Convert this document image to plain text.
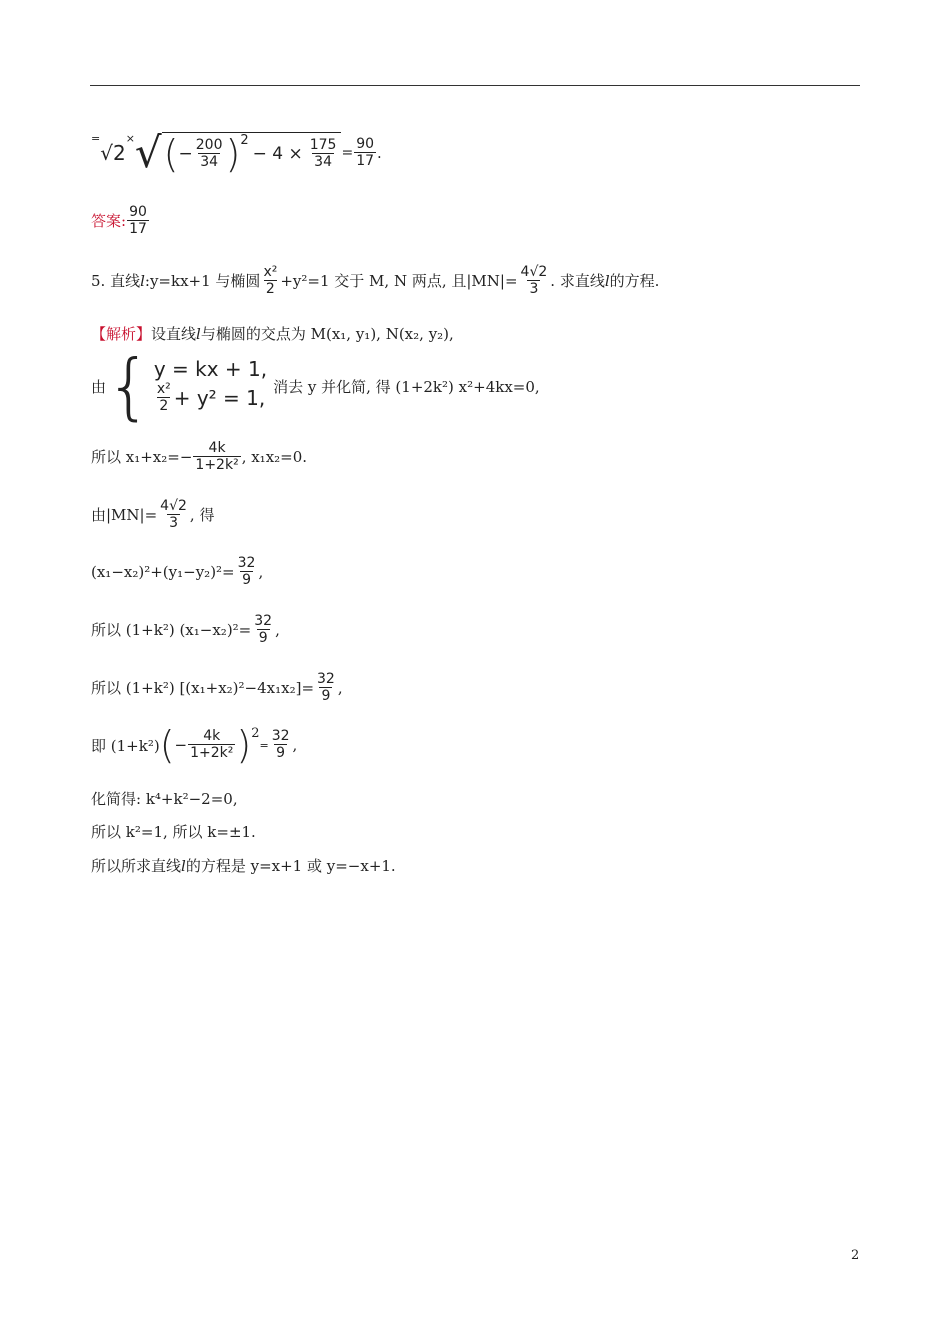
=
√2
× √ ( − $\frac{200}{34}$ ) 2
− $4 \times \frac{175}{34} = \frac{90}{17}$ .
答案: $\frac{90}{17}$
5. 直线 l :y=kx+1 与椭圆 $\frac{\text{x²}}{2} +y^2=1$ 交于 M, N 两点, 且$|MN|= \frac{4√2}{3}$ . 求直线 l 的方程.
【解析】 设直线 l 与椭圆的交点为 M(x₁, y₁), N(x₂, y₂),
由 { y = kx + 1,
$\frac{\text{x²}}{2} + y^2 = 1$, 消去 y 并化简, 得 (1+2k²) x²+4kx=0,
所以 $x_1+x_2=- \frac{4k}{\text{1+2k²}}$ , x₁x₂=0.
由$|MN|= \frac{4√2}{3}$ , 得
$(x_1-x_2)^2+(y_1-y_2)^2= \frac{32}{9}$ ,
所以 (1+k²) $(x_1-x_2)^2= \frac{32}{9}$ ,
所以 (1+k²) $[(x_1+x_2)^2-4x_1x_2]= \frac{32}{9}$ ,
即 (1+k²) ( − $\frac{4k}{\text{1+2k²}}$ ) 2
= $\frac{32}{9}$ ,
化简得: k⁴+k²−2=0,
所以 k²=1, 所以 k=±1.
所以所求直线 l 的方程是 y=x+1 或 y=−x+1.
2
